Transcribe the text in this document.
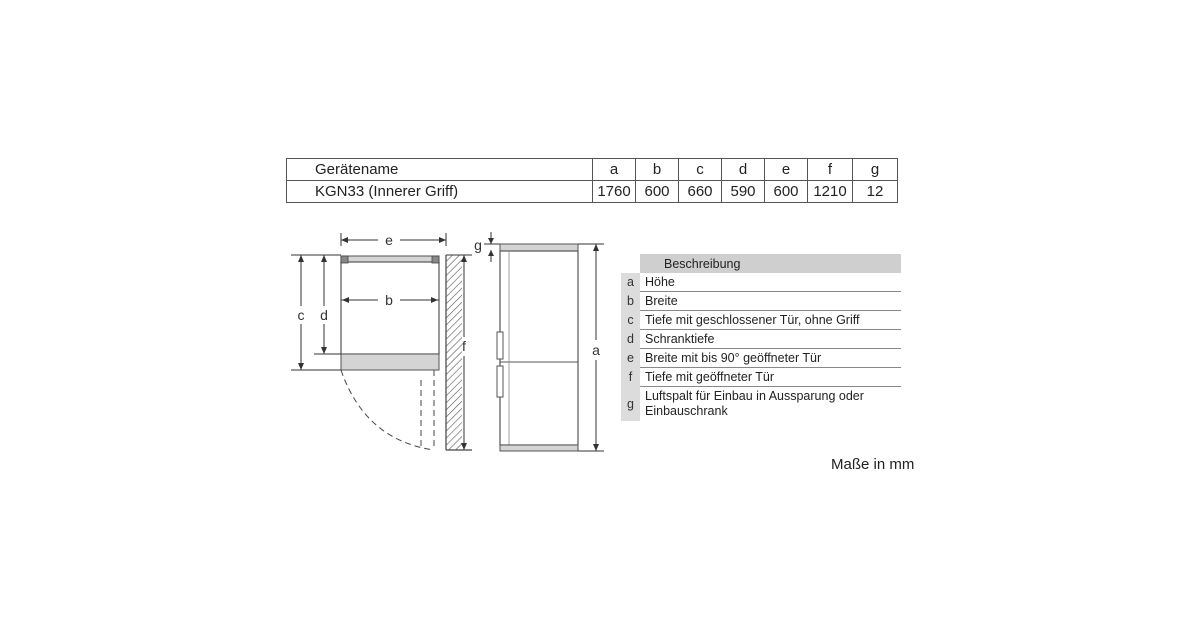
Gerätename	a	b	c	d	e	f	g
KGN33 (Innerer Griff)	1760	600	660	590	600	1210	12
e
b
c d
f
g
a
	Beschreibung
a	Höhe
b	Breite
c	Tiefe mit geschlossener Tür, ohne Griff
d	Schranktiefe
e	Breite mit bis 90° geöffneter Tür
f	Tiefe mit geöffneter Tür
g	Luftspalt für Einbau in Aussparung oder Einbauschrank
Maße in mm
